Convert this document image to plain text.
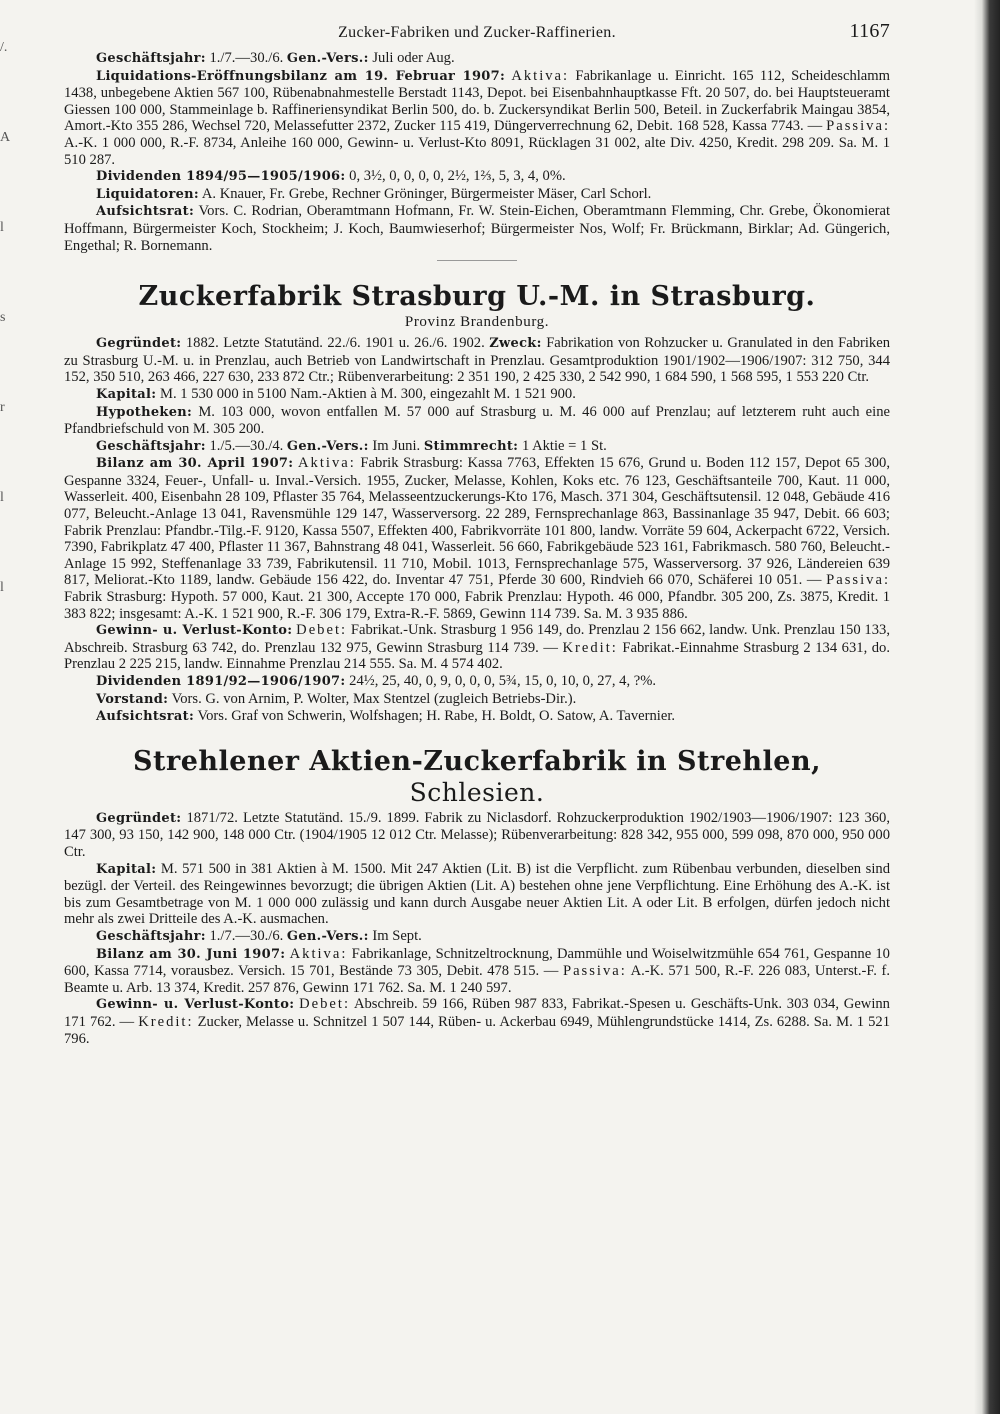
/.
A
l
s
r
l
l
Zucker-Fabriken und Zucker-Raffinerien.	1167

Geschäftsjahr: 1./7.—30./6. Gen.-Vers.: Juli oder Aug.

Liquidations-Eröffnungsbilanz am 19. Februar 1907: Aktiva: Fabrikanlage u. Einricht. 165 112, Scheideschlamm 1438, unbegebene Aktien 567 100, Rübenabnahmestelle Berstadt 1143, Depot. bei Eisenbahnhauptkasse Fft. 20 507, do. bei Hauptsteueramt Giessen 100 000, Stammeinlage b. Raffineriensyndikat Berlin 500, do. b. Zuckersyndikat Berlin 500, Beteil. in Zuckerfabrik Maingau 3854, Amort.-Kto 355 286, Wechsel 720, Melassefutter 2372, Zucker 115 419, Düngerverrechnung 62, Debit. 168 528, Kassa 7743. — Passiva: A.-K. 1 000 000, R.-F. 8734, Anleihe 160 000, Gewinn- u. Verlust-Kto 8091, Rücklagen 31 002, alte Div. 4250, Kredit. 298 209. Sa. M. 1 510 287.

Dividenden 1894/95—1905/1906: 0, 3½, 0, 0, 0, 0, 2½, 1⅔, 5, 3, 4, 0%.

Liquidatoren: A. Knauer, Fr. Grebe, Rechner Gröninger, Bürgermeister Mäser, Carl Schorl.

Aufsichtsrat: Vors. C. Rodrian, Oberamtmann Hofmann, Fr. W. Stein-Eichen, Oberamtmann Flemming, Chr. Grebe, Ökonomierat Hoffmann, Bürgermeister Koch, Stockheim; J. Koch, Baumwieserhof; Bürgermeister Nos, Wolf; Fr. Brückmann, Birklar; Ad. Güngerich, Engethal; R. Bornemann.

Zuckerfabrik Strasburg U.-M. in Strasburg.
Provinz Brandenburg.

Gegründet: 1882. Letzte Statutänd. 22./6. 1901 u. 26./6. 1902. Zweck: Fabrikation von Rohzucker u. Granulated in den Fabriken zu Strasburg U.-M. u. in Prenzlau, auch Betrieb von Landwirtschaft in Prenzlau. Gesamtproduktion 1901/1902—1906/1907: 312 750, 344 152, 350 510, 263 466, 227 630, 233 872 Ctr.; Rübenverarbeitung: 2 351 190, 2 425 330, 2 542 990, 1 684 590, 1 568 595, 1 553 220 Ctr.

Kapital: M. 1 530 000 in 5100 Nam.-Aktien à M. 300, eingezahlt M. 1 521 900.

Hypotheken: M. 103 000, wovon entfallen M. 57 000 auf Strasburg u. M. 46 000 auf Prenzlau; auf letzterem ruht auch eine Pfandbriefschuld von M. 305 200.

Geschäftsjahr: 1./5.—30./4. Gen.-Vers.: Im Juni. Stimmrecht: 1 Aktie = 1 St.

Bilanz am 30. April 1907: Aktiva: Fabrik Strasburg: Kassa 7763, Effekten 15 676, Grund u. Boden 112 157, Depot 65 300, Gespanne 3324, Feuer-, Unfall- u. Inval.-Versich. 1955, Zucker, Melasse, Kohlen, Koks etc. 76 123, Geschäftsanteile 700, Kaut. 11 000, Wasserleit. 400, Eisenbahn 28 109, Pflaster 35 764, Melasseentzuckerungs-Kto 176, Masch. 371 304, Geschäftsutensil. 12 048, Gebäude 416 077, Beleucht.-Anlage 13 041, Ravensmühle 129 147, Wasserversorg. 22 289, Fernsprechanlage 863, Bassinanlage 35 947, Debit. 66 603; Fabrik Prenzlau: Pfandbr.-Tilg.-F. 9120, Kassa 5507, Effekten 400, Fabrikvorräte 101 800, landw. Vorräte 59 604, Ackerpacht 6722, Versich. 7390, Fabrikplatz 47 400, Pflaster 11 367, Bahnstrang 48 041, Wasserleit. 56 660, Fabrikgebäude 523 161, Fabrikmasch. 580 760, Beleucht.-Anlage 15 992, Steffenanlage 33 739, Fabrikutensil. 11 710, Mobil. 1013, Fernsprechanlage 575, Wasserversorg. 37 926, Ländereien 639 817, Meliorat.-Kto 1189, landw. Gebäude 156 422, do. Inventar 47 751, Pferde 30 600, Rindvieh 66 070, Schäferei 10 051. — Passiva: Fabrik Strasburg: Hypoth. 57 000, Kaut. 21 300, Accepte 170 000, Fabrik Prenzlau: Hypoth. 46 000, Pfandbr. 305 200, Zs. 3875, Kredit. 1 383 822; insgesamt: A.-K. 1 521 900, R.-F. 306 179, Extra-R.-F. 5869, Gewinn 114 739. Sa. M. 3 935 886.

Gewinn- u. Verlust-Konto: Debet: Fabrikat.-Unk. Strasburg 1 956 149, do. Prenzlau 2 156 662, landw. Unk. Prenzlau 150 133, Abschreib. Strasburg 63 742, do. Prenzlau 132 975, Gewinn Strasburg 114 739. — Kredit: Fabrikat.-Einnahme Strasburg 2 134 631, do. Prenzlau 2 225 215, landw. Einnahme Prenzlau 214 555. Sa. M. 4 574 402.

Dividenden 1891/92—1906/1907: 24½, 25, 40, 0, 9, 0, 0, 0, 5¾, 15, 0, 10, 0, 27, 4, ?%.

Vorstand: Vors. G. von Arnim, P. Wolter, Max Stentzel (zugleich Betriebs-Dir.).

Aufsichtsrat: Vors. Graf von Schwerin, Wolfshagen; H. Rabe, H. Boldt, O. Satow, A. Tavernier.

Strehlener Aktien-Zuckerfabrik in Strehlen, Schlesien.

Gegründet: 1871/72. Letzte Statutänd. 15./9. 1899. Fabrik zu Niclasdorf. Rohzuckerproduktion 1902/1903—1906/1907: 123 360, 147 300, 93 150, 142 900, 148 000 Ctr. (1904/1905 12 012 Ctr. Melasse); Rübenverarbeitung: 828 342, 955 000, 599 098, 870 000, 950 000 Ctr.

Kapital: M. 571 500 in 381 Aktien à M. 1500. Mit 247 Aktien (Lit. B) ist die Verpflicht. zum Rübenbau verbunden, dieselben sind bezügl. der Verteil. des Reingewinnes bevorzugt; die übrigen Aktien (Lit. A) bestehen ohne jene Verpflichtung. Eine Erhöhung des A.-K. ist bis zum Gesamtbetrage von M. 1 000 000 zulässig und kann durch Ausgabe neuer Aktien Lit. A oder Lit. B erfolgen, dürfen jedoch nicht mehr als zwei Dritteile des A.-K. ausmachen.

Geschäftsjahr: 1./7.—30./6. Gen.-Vers.: Im Sept.

Bilanz am 30. Juni 1907: Aktiva: Fabrikanlage, Schnitzeltrocknung, Dammühle und Woiselwitzmühle 654 761, Gespanne 10 600, Kassa 7714, vorausbez. Versich. 15 701, Bestände 73 305, Debit. 478 515. — Passiva: A.-K. 571 500, R.-F. 226 083, Unterst.-F. f. Beamte u. Arb. 13 374, Kredit. 257 876, Gewinn 171 762. Sa. M. 1 240 597.

Gewinn- u. Verlust-Konto: Debet: Abschreib. 59 166, Rüben 987 833, Fabrikat.-Spesen u. Geschäfts-Unk. 303 034, Gewinn 171 762. — Kredit: Zucker, Melasse u. Schnitzel 1 507 144, Rüben- u. Ackerbau 6949, Mühlengrundstücke 1414, Zs. 6288. Sa. M. 1 521 796.
